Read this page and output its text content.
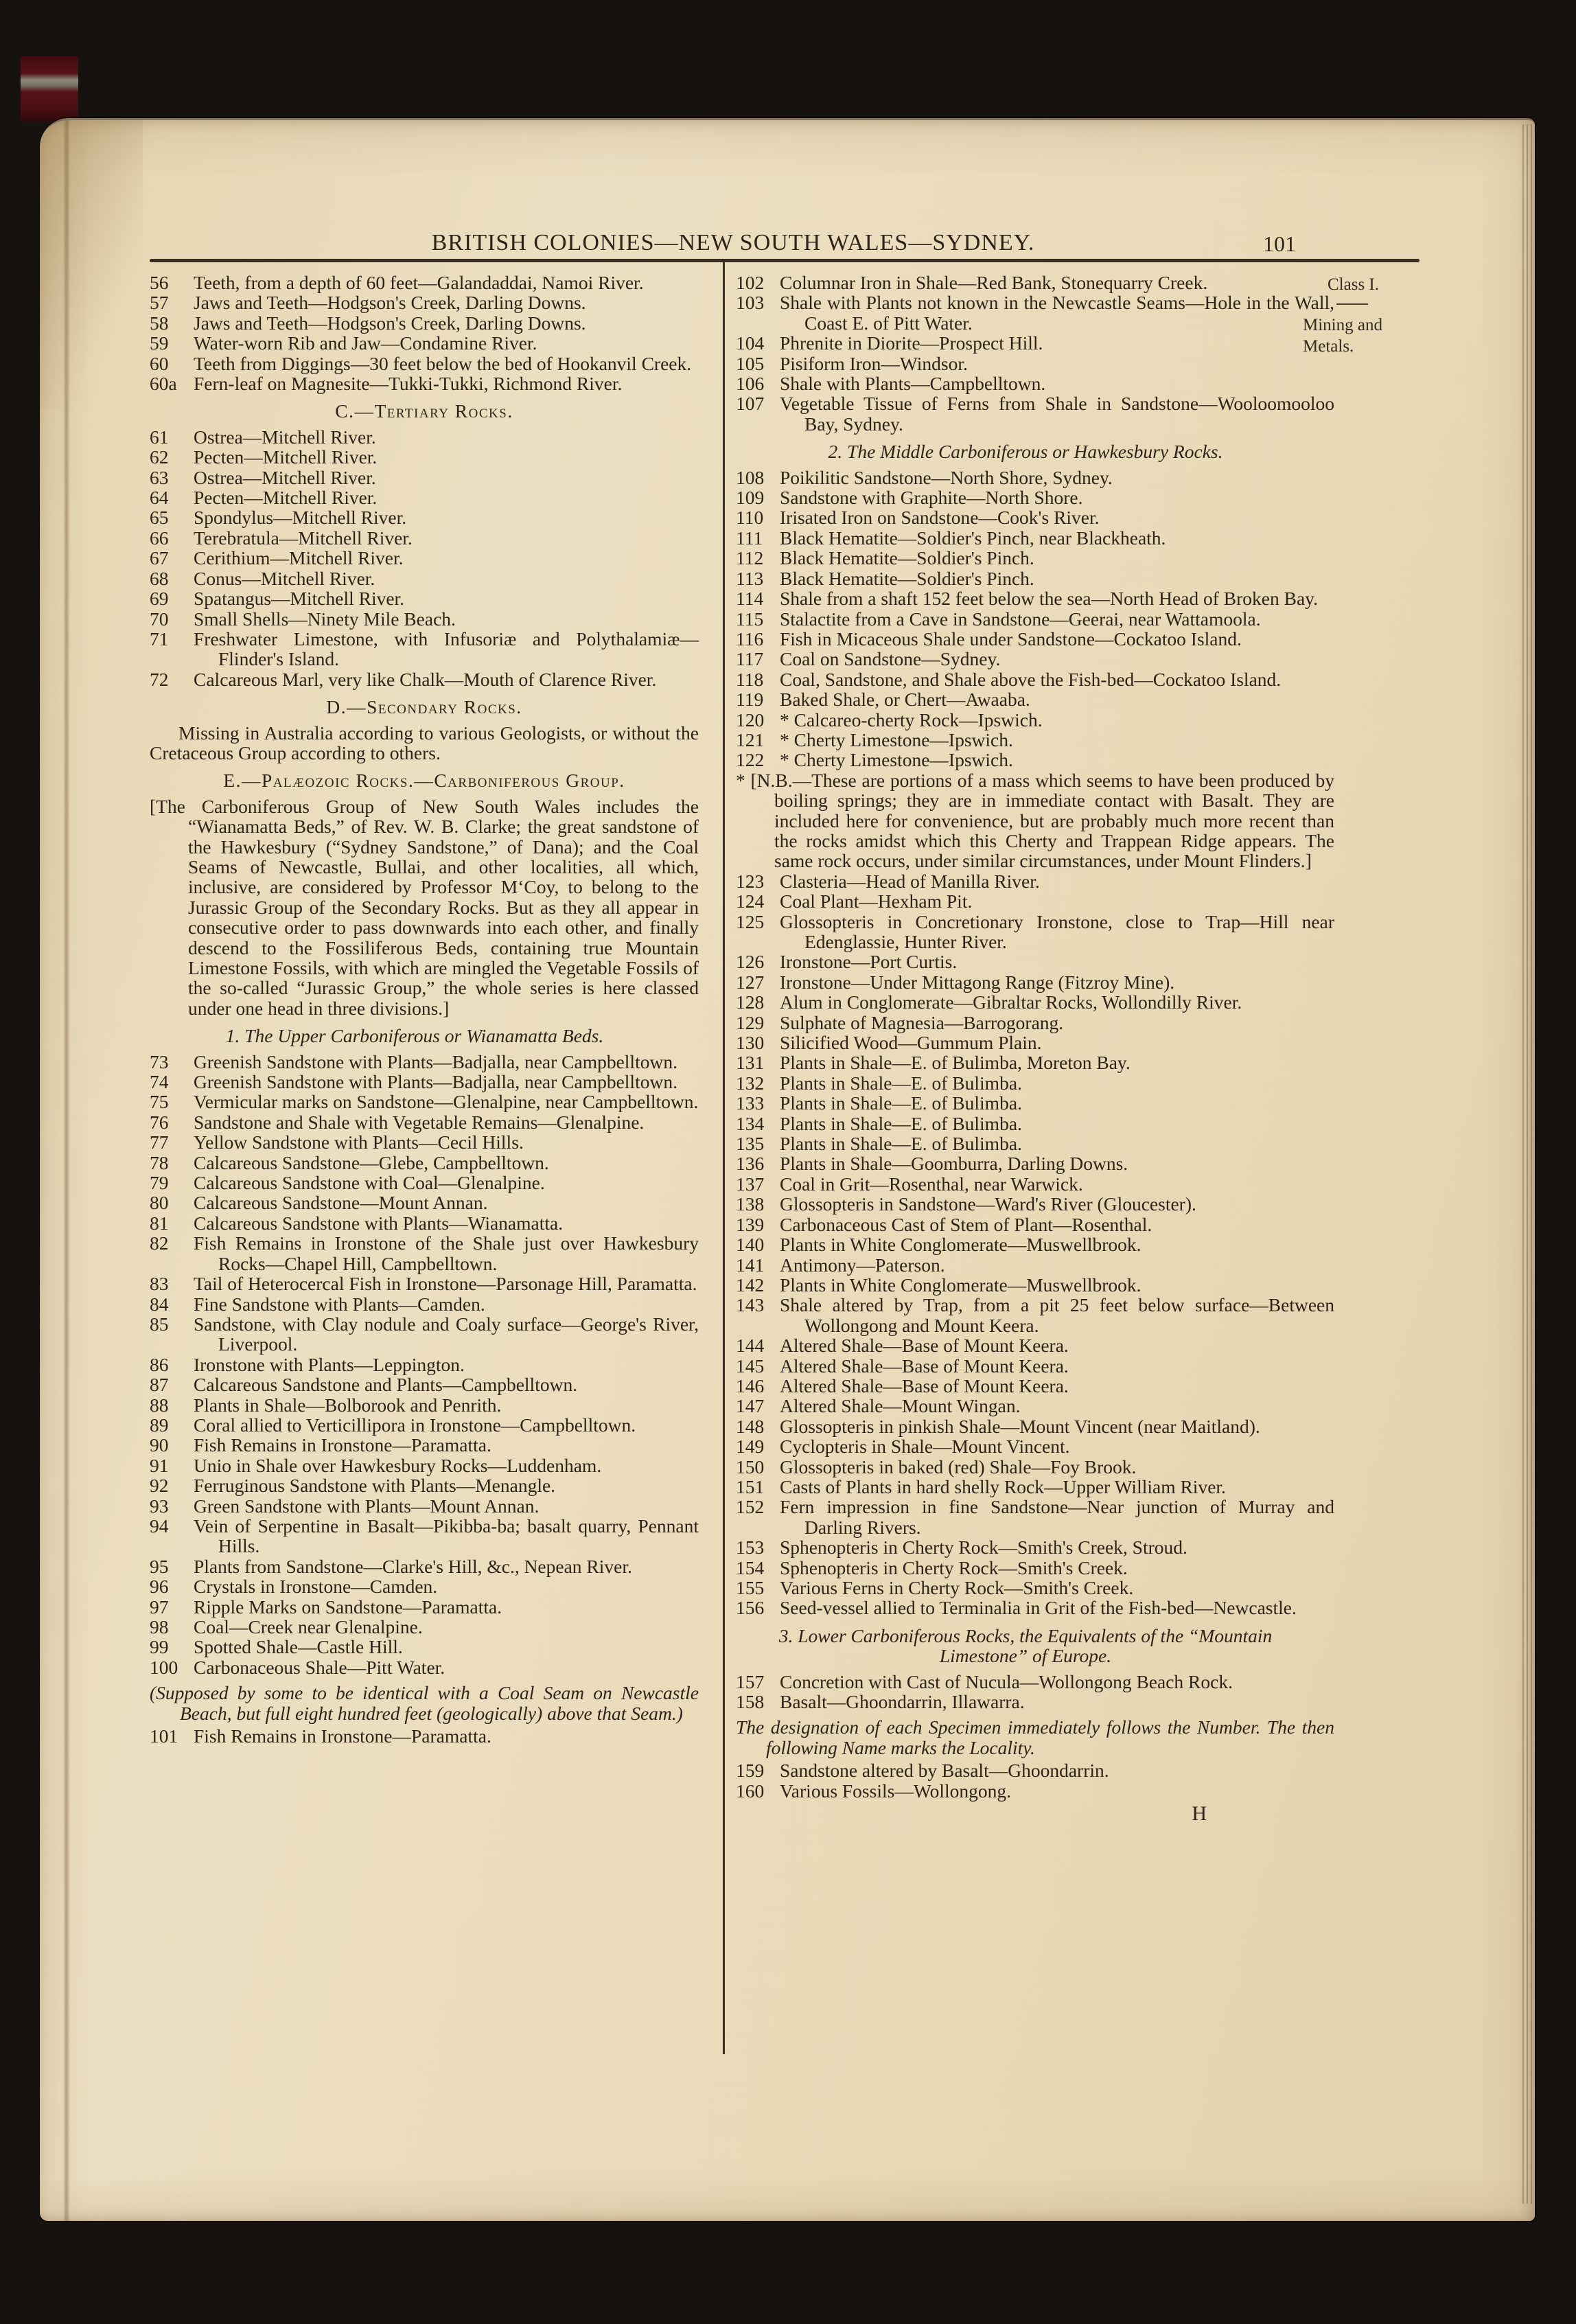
BRITISH COLONIES—NEW SOUTH WALES—SYDNEY.	101
56 Teeth, from a depth of 60 feet—Galandaddai, Namoi River.
57 Jaws and Teeth—Hodgson's Creek, Darling Downs.
58 Jaws and Teeth—Hodgson's Creek, Darling Downs.
59 Water-worn Rib and Jaw—Condamine River.
60 Teeth from Diggings—30 feet below the bed of Hookanvil Creek.
60a Fern-leaf on Magnesite—Tukki-Tukki, Richmond River.
C.—Tertiary Rocks.
61 Ostrea—Mitchell River.
62 Pecten—Mitchell River.
63 Ostrea—Mitchell River.
64 Pecten—Mitchell River.
65 Spondylus—Mitchell River.
66 Terebratula—Mitchell River.
67 Cerithium—Mitchell River.
68 Conus—Mitchell River.
69 Spatangus—Mitchell River.
70 Small Shells—Ninety Mile Beach.
71 Freshwater Limestone, with Infusoriæ and Polythalamiæ—Flinder's Island.
72 Calcareous Marl, very like Chalk—Mouth of Clarence River.
D.—Secondary Rocks.
Missing in Australia according to various Geologists, or without the Cretaceous Group according to others.
E.—Palæozoic Rocks.—Carboniferous Group.
[The Carboniferous Group of New South Wales includes the “Wianamatta Beds,” of Rev. W. B. Clarke; the great sandstone of the Hawkesbury (“Sydney Sandstone,” of Dana); and the Coal Seams of Newcastle, Bullai, and other localities, all which, inclusive, are considered by Professor M‘Coy, to belong to the Jurassic Group of the Secondary Rocks. But as they all appear in consecutive order to pass downwards into each other, and finally descend to the Fossiliferous Beds, containing true Mountain Limestone Fossils, with which are mingled the Vegetable Fossils of the so-called “Jurassic Group,” the whole series is here classed under one head in three divisions.]
1. The Upper Carboniferous or Wianamatta Beds.
73 Greenish Sandstone with Plants—Badjalla, near Campbelltown.
74 Greenish Sandstone with Plants—Badjalla, near Campbelltown.
75 Vermicular marks on Sandstone—Glenalpine, near Campbelltown.
76 Sandstone and Shale with Vegetable Remains—Glenalpine.
77 Yellow Sandstone with Plants—Cecil Hills.
78 Calcareous Sandstone—Glebe, Campbelltown.
79 Calcareous Sandstone with Coal—Glenalpine.
80 Calcareous Sandstone—Mount Annan.
81 Calcareous Sandstone with Plants—Wianamatta.
82 Fish Remains in Ironstone of the Shale just over Hawkesbury Rocks—Chapel Hill, Campbelltown.
83 Tail of Heterocercal Fish in Ironstone—Parsonage Hill, Paramatta.
84 Fine Sandstone with Plants—Camden.
85 Sandstone, with Clay nodule and Coaly surface—George's River, Liverpool.
86 Ironstone with Plants—Leppington.
87 Calcareous Sandstone and Plants—Campbelltown.
88 Plants in Shale—Bolborook and Penrith.
89 Coral allied to Verticillipora in Ironstone—Campbelltown.
90 Fish Remains in Ironstone—Paramatta.
91 Unio in Shale over Hawkesbury Rocks—Luddenham.
92 Ferruginous Sandstone with Plants—Menangle.
93 Green Sandstone with Plants—Mount Annan.
94 Vein of Serpentine in Basalt—Pikibba-ba; basalt quarry, Pennant Hills.
95 Plants from Sandstone—Clarke's Hill, &c., Nepean River.
96 Crystals in Ironstone—Camden.
97 Ripple Marks on Sandstone—Paramatta.
98 Coal—Creek near Glenalpine.
99 Spotted Shale—Castle Hill.
100 Carbonaceous Shale—Pitt Water.
(Supposed by some to be identical with a Coal Seam on Newcastle Beach, but full eight hundred feet (geologically) above that Seam.)
101 Fish Remains in Ironstone—Paramatta.
102 Columnar Iron in Shale—Red Bank, Stonequarry Creek.
103 Shale with Plants not known in the Newcastle Seams—Hole in the Wall, Coast E. of Pitt Water.
104 Phrenite in Diorite—Prospect Hill.
105 Pisiform Iron—Windsor.
106 Shale with Plants—Campbelltown.
107 Vegetable Tissue of Ferns from Shale in Sandstone—Wooloomooloo Bay, Sydney.
2. The Middle Carboniferous or Hawkesbury Rocks.
108 Poikilitic Sandstone—North Shore, Sydney.
109 Sandstone with Graphite—North Shore.
110 Irisated Iron on Sandstone—Cook's River.
111 Black Hematite—Soldier's Pinch, near Blackheath.
112 Black Hematite—Soldier's Pinch.
113 Black Hematite—Soldier's Pinch.
114 Shale from a shaft 152 feet below the sea—North Head of Broken Bay.
115 Stalactite from a Cave in Sandstone—Geerai, near Wattamoola.
116 Fish in Micaceous Shale under Sandstone—Cockatoo Island.
117 Coal on Sandstone—Sydney.
118 Coal, Sandstone, and Shale above the Fish-bed—Cockatoo Island.
119 Baked Shale, or Chert—Awaaba.
120 * Calcareo-cherty Rock—Ipswich.
121 * Cherty Limestone—Ipswich.
122 * Cherty Limestone—Ipswich.
* [N.B.—These are portions of a mass which seems to have been produced by boiling springs; they are in immediate contact with Basalt. They are included here for convenience, but are probably much more recent than the rocks amidst which this Cherty and Trappean Ridge appears. The same rock occurs, under similar circumstances, under Mount Flinders.]
123 Clasteria—Head of Manilla River.
124 Coal Plant—Hexham Pit.
125 Glossopteris in Concretionary Ironstone, close to Trap—Hill near Edenglassie, Hunter River.
126 Ironstone—Port Curtis.
127 Ironstone—Under Mittagong Range (Fitzroy Mine).
128 Alum in Conglomerate—Gibraltar Rocks, Wollondilly River.
129 Sulphate of Magnesia—Barrogorang.
130 Silicified Wood—Gummum Plain.
131 Plants in Shale—E. of Bulimba, Moreton Bay.
132 Plants in Shale—E. of Bulimba.
133 Plants in Shale—E. of Bulimba.
134 Plants in Shale—E. of Bulimba.
135 Plants in Shale—E. of Bulimba.
136 Plants in Shale—Goomburra, Darling Downs.
137 Coal in Grit—Rosenthal, near Warwick.
138 Glossopteris in Sandstone—Ward's River (Gloucester).
139 Carbonaceous Cast of Stem of Plant—Rosenthal.
140 Plants in White Conglomerate—Muswellbrook.
141 Antimony—Paterson.
142 Plants in White Conglomerate—Muswellbrook.
143 Shale altered by Trap, from a pit 25 feet below surface—Between Wollongong and Mount Keera.
144 Altered Shale—Base of Mount Keera.
145 Altered Shale—Base of Mount Keera.
146 Altered Shale—Base of Mount Keera.
147 Altered Shale—Mount Wingan.
148 Glossopteris in pinkish Shale—Mount Vincent (near Maitland).
149 Cyclopteris in Shale—Mount Vincent.
150 Glossopteris in baked (red) Shale—Foy Brook.
151 Casts of Plants in hard shelly Rock—Upper William River.
152 Fern impression in fine Sandstone—Near junction of Murray and Darling Rivers.
153 Sphenopteris in Cherty Rock—Smith's Creek, Stroud.
154 Sphenopteris in Cherty Rock—Smith's Creek.
155 Various Ferns in Cherty Rock—Smith's Creek.
156 Seed-vessel allied to Terminalia in Grit of the Fish-bed—Newcastle.
3. Lower Carboniferous Rocks, the Equivalents of the “Mountain Limestone” of Europe.
157 Concretion with Cast of Nucula—Wollongong Beach Rock.
158 Basalt—Ghoondarrin, Illawarra.
The designation of each Specimen immediately follows the Number. The then following Name marks the Locality.
159 Sandstone altered by Basalt—Ghoondarrin.
160 Various Fossils—Wollongong.
H
Class I.
Mining and Metals.
